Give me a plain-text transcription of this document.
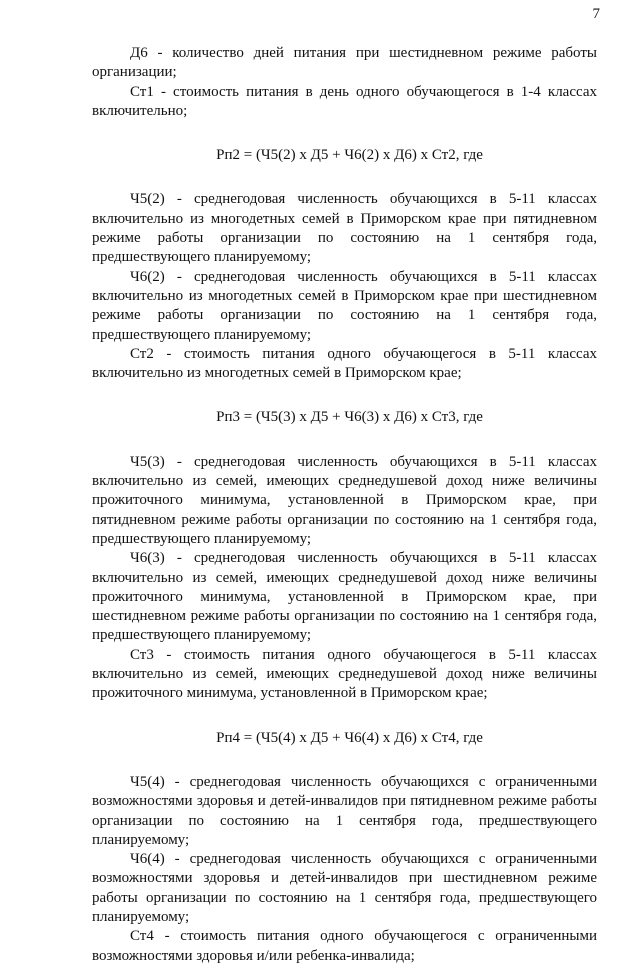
7

Д6 - количество дней питания при шестидневном режиме работы организации;

Ст1 - стоимость питания в день одного обучающегося в 1-4 классах включительно;

Рп2 = (Ч5(2) х Д5 + Ч6(2) х Д6) х Ст2, где

Ч5(2) - среднегодовая численность обучающихся в 5-11 классах включительно из многодетных семей в Приморском крае при пятидневном режиме работы организации по состоянию на 1 сентября года, предшествующего планируемому;

Ч6(2) - среднегодовая численность обучающихся в 5-11 классах включительно из многодетных семей в Приморском крае при шестидневном режиме работы организации по состоянию на 1 сентября года, предшествующего планируемому;

Ст2 - стоимость питания одного обучающегося в 5-11 классах включительно из многодетных семей в Приморском крае;

Рп3 = (Ч5(3) х Д5 + Ч6(3) х Д6) х Ст3, где

Ч5(3) - среднегодовая численность обучающихся в 5-11 классах включительно из семей, имеющих среднедушевой доход ниже величины прожиточного минимума, установленной в Приморском крае, при пятидневном режиме работы организации по состоянию на 1 сентября года, предшествующего планируемому;

Ч6(3) - среднегодовая численность обучающихся в 5-11 классах включительно из семей, имеющих среднедушевой доход ниже величины прожиточного минимума, установленной в Приморском крае, при шестидневном режиме работы организации по состоянию на 1 сентября года, предшествующего планируемому;

Ст3 - стоимость питания одного обучающегося в 5-11 классах включительно из семей, имеющих среднедушевой доход ниже величины прожиточного минимума, установленной в Приморском крае;

Рп4 = (Ч5(4) х Д5 + Ч6(4) х Д6) х Ст4, где

Ч5(4) - среднегодовая численность обучающихся с ограниченными возможностями здоровья и детей-инвалидов при пятидневном режиме работы организации по состоянию на 1 сентября года, предшествующего планируемому;

Ч6(4) - среднегодовая численность обучающихся с ограниченными возможностями здоровья и детей-инвалидов при шестидневном режиме работы организации по состоянию на 1 сентября года, предшествующего планируемому;

Ст4 - стоимость питания одного обучающегося с ограниченными возможностями здоровья и/или ребенка-инвалида;
